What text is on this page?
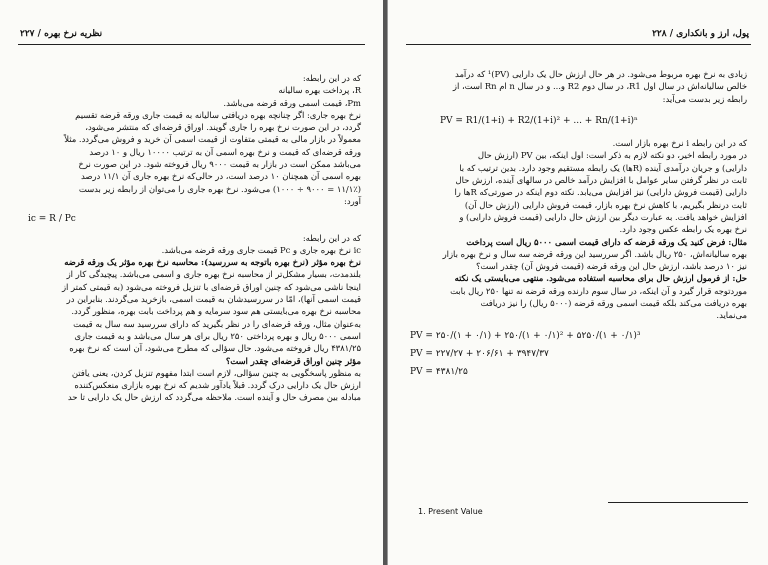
نظریه نرخ بهره / ۲۲۷

که در این رابطه:

R، پرداخت بهره سالیانه

Pm، قیمت اسمی ورقه قرضه می‌باشد.

نرخ بهره جاری: اگر چنانچه بهره دریافتی سالیانه به قیمت جاری ورقه قرضه تقسیم

گردد، در این صورت نرخ بهره را جاری گویند. اوراق قرضه‌ای که منتشر می‌شود،

معمولاً در بازار مالی به قیمتی متفاوت از قیمت اسمی آن خرید و فروش می‌گردد. مثلاً

ورقه قرضه‌ای که قیمت و نرخ بهره اسمی آن به ترتیب ۱۰۰۰۰ ریال و ۱۰ درصد

می‌باشد ممکن است در بازار به قیمت ۹۰۰۰ ریال فروخته شود. در این صورت نرخ

بهره اسمی آن همچنان ۱۰ درصد است، در حالی‌که نرخ بهره جاری آن ۱۱/۱ درصد

(۱۱/۱٪ = ۹۰۰۰ ÷ ۱۰۰۰) می‌شود. نرخ بهره جاری را می‌توان از رابطه زیر بدست

آورد:

ic = R / Pc

که در این رابطه:

ic نرخ بهره جاری و Pc قیمت جاری ورقه قرضه می‌باشد.

نرخ بهره مؤثر (نرخ بهره باتوجه به سررسید): محاسبه نرخ بهره مؤثر یک ورقه قرضه

بلندمدت، بسیار مشکل‌تر از محاسبه نرخ بهره جاری و اسمی می‌باشد. پیچیدگی کار از

اینجا ناشی می‌شود که چنین اوراق قرضه‌ای با تنزیل فروخته می‌شود (به قیمتی کمتر از

قیمت اسمی آنها)، امّا در سررسیدشان به قیمت اسمی، بازخرید می‌گردند. بنابراین در

محاسبه نرخ بهره می‌بایستی هم سود سرمایه و هم پرداخت بابت بهره، منظور گردد.

به‌عنوان مثال، ورقه قرضه‌ای را در نظر بگیرید که دارای سررسید سه سال به قیمت

اسمی ۵۰۰۰ ریال و بهره پرداختی ۲۵۰ ریال برای هر سال می‌باشد و به قیمت جاری

۴۳۸۱/۲۵ ریال فروخته می‌شود. حال سؤالی که مطرح می‌شود، آن است که نرخ بهره

مؤثر چنین اوراق قرضه‌ای چقدر است؟

به منظور پاسخگویی به چنین سؤالی، لازم است ابتدا مفهوم تنزیل کردن، یعنی یافتن

ارزش حال یک دارایی درک گردد. قبلاً یادآور شدیم که نرخ بهره بازاری منعکس‌کننده

مبادله بین مصرف حال و آینده است. ملاحظه می‌گردد که ارزش حال یک دارایی تا حد

۲۲۸ / پول، ارز و بانکداری

زیادی به نرخ بهره مربوط می‌شود. در هر حال ارزش حال یک دارایی (PV)¹ که درآمد

خالص سالیانه‌اش در سال اول R1، در سال دوم R2 و... و در سال n ام Rn است، از

رابطه زیر بدست می‌آید:

PV = R1/(1+i) + R2/(1+i)² + ... + Rn/(1+i)ⁿ

که در این رابطه i نرخ بهره بازار است.

در مورد رابطه اخیر، دو نکته لازم به ذکر است: اول اینکه، بین PV (ارزش حال

دارایی) و جریان درآمدی آینده (Rها) یک رابطه مستقیم وجود دارد. بدین ترتیب که با

ثابت در نظر گرفتن سایر عوامل با افزایش درآمد خالص در سالهای آینده، ارزش حال

دارایی (قیمت فروش دارایی) نیز افزایش می‌یابد. نکته دوم اینکه در صورتی‌که Rها را

ثابت درنظر بگیریم، با کاهش نرخ بهره بازار، قیمت فروش دارایی (ارزش حال آن)

افزایش خواهد یافت. به عبارت دیگر بین ارزش حال دارایی (قیمت فروش دارایی) و

نرخ بهره یک رابطه عکس وجود دارد.

مثال: فرض کنید یک ورقه قرضه که دارای قیمت اسمی ۵۰۰۰ ریال است پرداخت

بهره سالیانه‌اش، ۲۵۰ ریال باشد. اگر سررسید این ورقه قرضه سه سال و نرخ بهره بازار

نیز ۱۰ درصد باشد، ارزش حال این ورقه قرضه (قیمت فروش آن) چقدر است؟

حل: از فرمول ارزش حال برای محاسبه استفاده می‌شود. منتهی می‌بایستی یک نکته

موردتوجه قرار گیرد و آن اینکه، در سال سوم دارنده ورقه قرضه نه تنها ۲۵۰ ریال بابت

بهره دریافت می‌کند بلکه قیمت اسمی ورقه قرضه (۵۰۰۰ ریال) را نیز دریافت

می‌نماید.

PV = ۲۵۰/(۱ + ۰/۱) + ۲۵۰/(۱ + ۰/۱)² + ۵۲۵۰/(۱ + ۰/۱)³
PV = ۲۲۷/۲۷ + ۲۰۶/۶۱ + ۳۹۴۷/۳۷
PV = ۴۳۸۱/۲۵
1. Present Value
